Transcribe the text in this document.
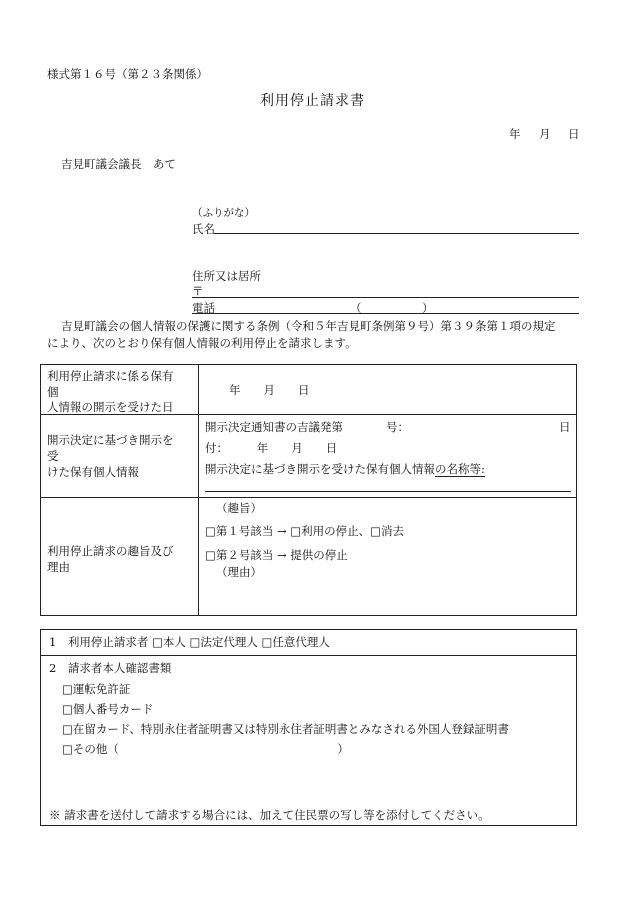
様式第１６号（第２３条関係）
利用停止請求書
年 月 日
吉見町議会議長　あて
（ふりがな）
氏名
住所又は居所
〒
電話	（	）
吉見町議会の個人情報の保護に関する条例（令和５年吉見町条例第９号）第３９条第１項の規定
により、次のとおり保有個人情報の利用停止を請求します。
利用停止請求に係る保有
個
人情報の開示を受けた日
年　　月　　日
開示決定に基づき開示を
受
けた保有個人情報
開示決定通知書の吉議発第	号：	日
付：　　　年　　月　　日
開示決定に基づき開示を受けた保有個人情報の名称等:
利用停止請求の趣旨及び
理由
（趣旨）
□第１号該当 → □利用の停止、□消去
□第２号該当 → 提供の停止
（理由）
1　利用停止請求者 □本人 □法定代理人 □任意代理人
2　請求者本人確認書類
□運転免許証
□個人番号カード
□在留カード、特別永住者証明書又は特別永住者証明書とみなされる外国人登録証明書
□その他（　　　　　　　　　　　　　　　　　　　）
※ 請求書を送付して請求する場合には、加えて住民票の写し等を添付してください。
